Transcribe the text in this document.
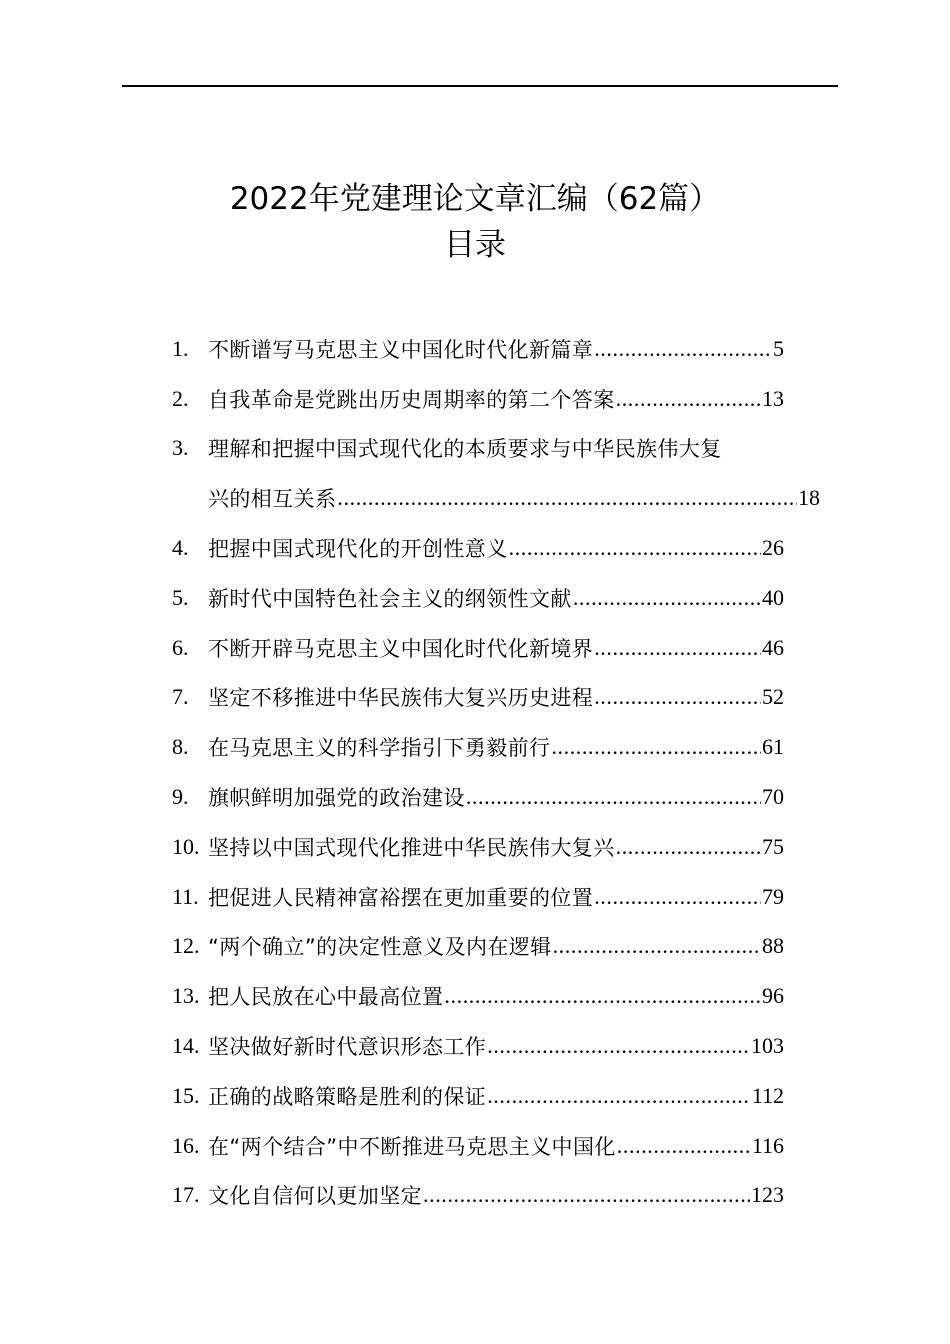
2022年党建理论文章汇编（62篇）
目录
1. 不断谱写马克思主义中国化时代化新篇章 .....	5
2. 自我革命是党跳出历史周期率的第二个答案 .....	13
3. 理解和把握中国式现代化的本质要求与中华民族伟大复
兴的相互关系 .....	18
4. 把握中国式现代化的开创性意义 .....	26
5. 新时代中国特色社会主义的纲领性文献 .....	40
6. 不断开辟马克思主义中国化时代化新境界 .....	46
7. 坚定不移推进中华民族伟大复兴历史进程 .....	52
8. 在马克思主义的科学指引下勇毅前行 .....	61
9. 旗帜鲜明加强党的政治建设 .....	70
10. 坚持以中国式现代化推进中华民族伟大复兴 .....	75
11. 把促进人民精神富裕摆在更加重要的位置 .....	79
12. “两个确立”的决定性意义及内在逻辑 .....	88
13. 把人民放在心中最高位置 .....	96
14. 坚决做好新时代意识形态工作 .....	103
15. 正确的战略策略是胜利的保证 .....	112
16. 在“两个结合”中不断推进马克思主义中国化 .....	116
17. 文化自信何以更加坚定 .....	123
